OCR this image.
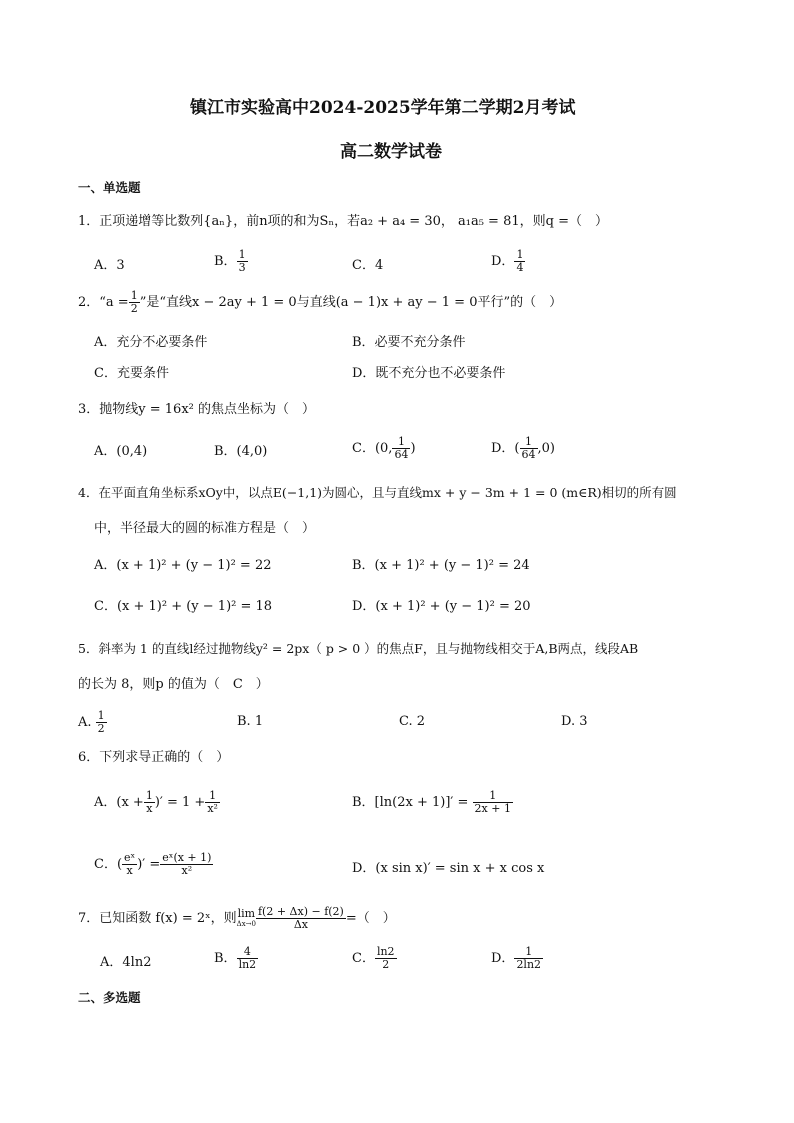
镇江市实验高中2024-2025学年第二学期2月考试
高二数学试卷
一、单选题
1．正项递增等比数列{aₙ}，前n项的和为Sₙ，若a₂ + a₄ = 30， a₁a₅ = 81，则q =（　）
A．3	B． $\frac{1}{3}$	C．4	D． $\frac{1}{4}$
2．“$a = \frac{1}{2}$ ”是“直线x − 2ay + 1 = 0与直线(a − 1)x + ay − 1 = 0平行”的（　）
A．充分不必要条件	B．必要不充分条件
C．充要条件	D．既不充分也不必要条件
3．抛物线y = 16x² 的焦点坐标为（　）
A．(0,4)	B．(4,0)	C．(0, $\frac{1}{64}$ )	D．( $\frac{1}{64} ,0$)
4．在平面直角坐标系xOy中，以点E(−1,1)为圆心，且与直线mx + y − 3m + 1 = 0 (m∈R)相切的所有圆
中，半径最大的圆的标准方程是（　）
A．(x + 1)² + (y − 1)² = 22	B．(x + 1)² + (y − 1)² = 24
C．(x + 1)² + (y − 1)² = 18	D．(x + 1)² + (y − 1)² = 20
5．斜率为 1 的直线l经过抛物线y² = 2px（ p > 0 ）的焦点F，且与抛物线相交于A,B两点，线段AB
的长为 8，则p 的值为（　C　）
A. $\frac{1}{2}$	B. 1	C. 2	D. 3
6．下列求导正确的（　）
A．($x + \frac{1}{x}$ )′ = $1 + \frac{1}{\text{x²}}$	B．$[\ln(2x + 1)]' = \frac{1}{2x + 1}$
C．( $\frac{\text{eˣ}}{x}$ )′ = $\frac{\text{eˣ(x + 1)}}{\text{x²}}$	D．(x sin x)′ = sin x + x cos x
7．已知函数 f(x) = 2ˣ，则 lim
$\Delta x\to 0 \frac{f(2 + \Delta x) - f(2)}{\Delta x}$ =（　）
A．4ln2	B． $\frac{4}{\ln 2}$	C． $\frac{\ln 2}{2}$	D． $\frac{1}{2\ln 2}$
二、多选题
